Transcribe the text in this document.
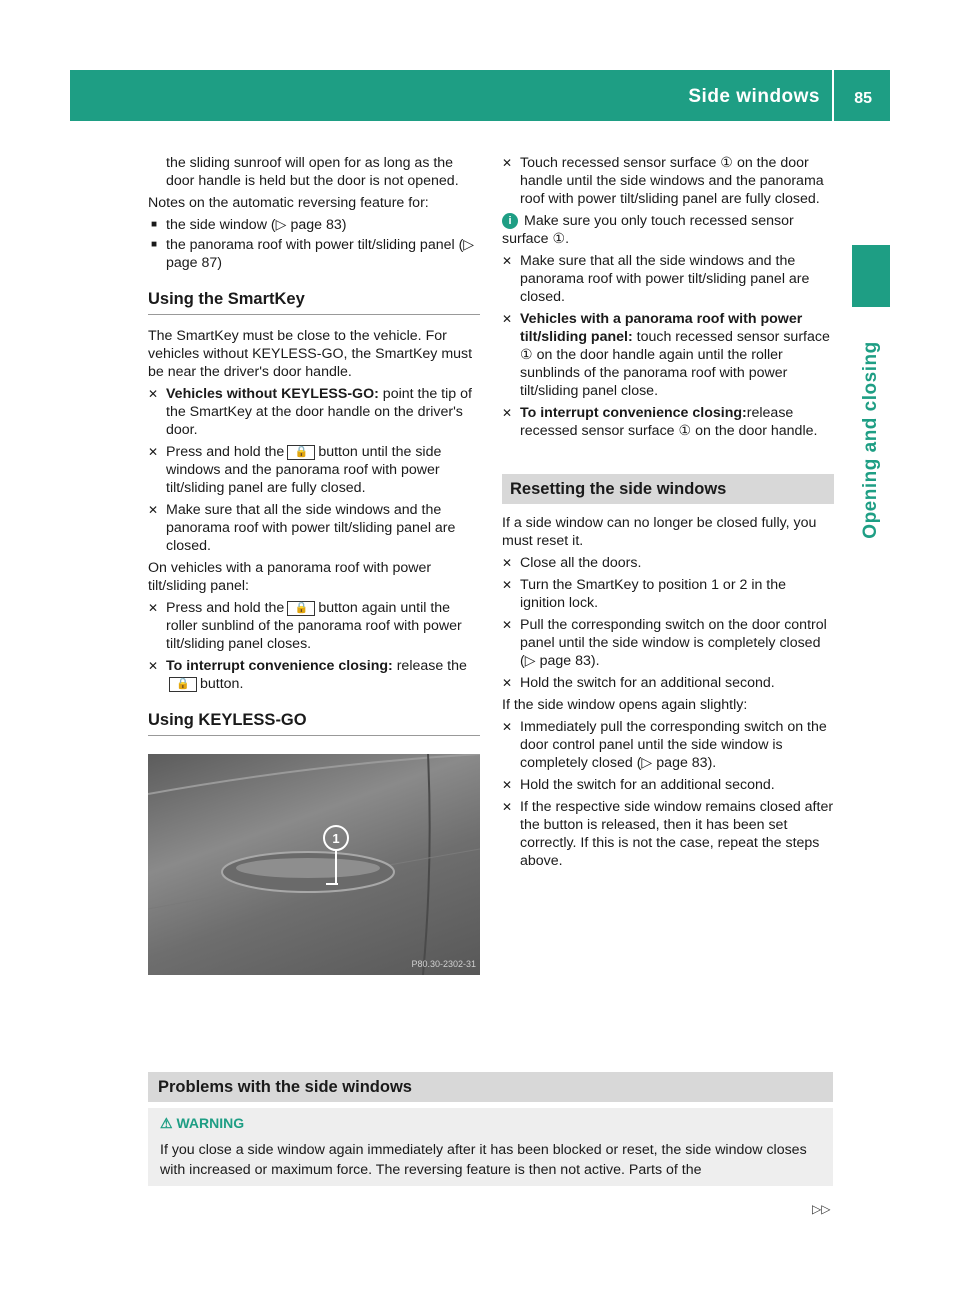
Side windows 85
Opening and closing

the sliding sunroof will open for as long as the door handle is held but the door is not opened.

Notes on the automatic reversing feature for:

■ the side window (▷ page 83)
■ the panorama roof with power tilt/sliding panel (▷ page 87)
Using the SmartKey

The SmartKey must be close to the vehicle. For vehicles without KEYLESS-GO, the SmartKey must be near the driver's door handle.

✕ Vehicles without KEYLESS-GO: point the tip of the SmartKey at the door handle on the driver's door.
✕ Press and hold the 🔒 button until the side windows and the panorama roof with power tilt/sliding panel are fully closed.
✕ Make sure that all the side windows and the panorama roof with power tilt/sliding panel are closed.

On vehicles with a panorama roof with power tilt/sliding panel:

✕ Press and hold the 🔒 button again until the roller sunblind of the panorama roof with power tilt/sliding panel closes.
✕ To interrupt convenience closing: release the🔒 button.
Using KEYLESS-GO
1
P80.30-2302-31
✕ Touch recessed sensor surface ① on the door handle until the side windows and the panorama roof with power tilt/sliding panel are fully closed.

i Make sure you only touch recessed sensor surface ①.

✕ Make sure that all the side windows and the panorama roof with power tilt/sliding panel are closed.
✕ Vehicles with a panorama roof with power tilt/sliding panel: touch recessed sensor surface ① on the door handle again until the roller sunblinds of the panorama roof with power tilt/sliding panel close.
✕ To interrupt convenience closing:release recessed sensor surface ① on the door handle.
Resetting the side windows

If a side window can no longer be closed fully, you must reset it.

✕ Close all the doors.
✕ Turn the SmartKey to position 1 or 2 in the ignition lock.
✕ Pull the corresponding switch on the door control panel until the side window is completely closed (▷ page 83).
✕ Hold the switch for an additional second.

If the side window opens again slightly:

✕ Immediately pull the corresponding switch on the door control panel until the side window is completely closed (▷ page 83).
✕ Hold the switch for an additional second.
✕ If the respective side window remains closed after the button is released, then it has been set correctly. If this is not the case, repeat the steps above.
Problems with the side windows
⚠ WARNING
If you close a side window again immediately after it has been blocked or reset, the side window closes with increased or maximum force. The reversing feature is then not active. Parts of the
▷▷
